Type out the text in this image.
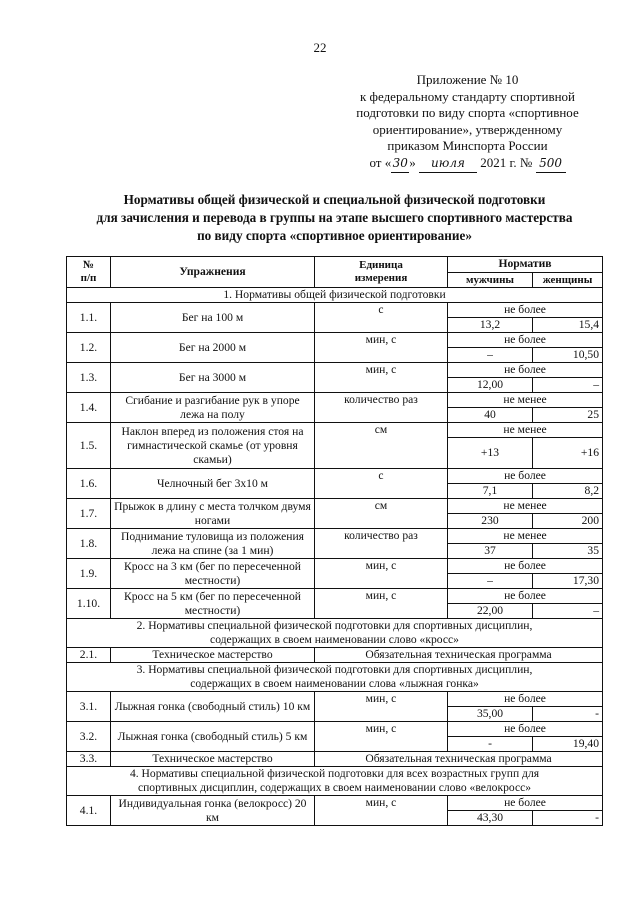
22
Приложение № 10
к федеральному стандарту спортивной
подготовки по виду спорта «спортивное
ориентирование», утвержденному
приказом Минспорта России
от «30» июля 2021 г. № 500
Нормативы общей физической и специальной физической подготовки
для зачисления и перевода в группы на этапе высшего спортивного мастерства
по виду спорта «спортивное ориентирование»
№
п/п	Упражнения	Единица
измерения	Норматив	
			мужчины	женщины
1. Нормативы общей физической подготовки				
1.1.	Бег на 100 м	с	не более	
			13,2	15,4
1.2.	Бег на 2000 м	мин, с	не более	
			–	10,50
1.3.	Бег на 3000 м	мин, с	не более	
			12,00	–
1.4.	Сгибание и разгибание рук в упоре лежа на полу	количество раз	не менее	
			40	25
1.5.	Наклон вперед из положения стоя на гимнастической скамье (от уровня скамьи)	см	не менее	
			+13	+16
1.6.	Челночный бег 3x10 м	с	не более	
			7,1	8,2
1.7.	Прыжок в длину с места толчком двумя ногами	см	не менее	
			230	200
1.8.	Поднимание туловища из положения лежа на спине (за 1 мин)	количество раз	не менее	
			37	35
1.9.	Кросс на 3 км (бег по пересеченной местности)	мин, с	не более	
			–	17,30
1.10.	Кросс на 5 км (бег по пересеченной местности)	мин, с	не более	
			22,00	–
2. Нормативы специальной физической подготовки для спортивных дисциплин, содержащих в своем наименовании слово «кросс»				
2.1.	Техническое мастерство	Обязательная техническая программа		
3. Нормативы специальной физической подготовки для спортивных дисциплин, содержащих в своем наименовании слова «лыжная гонка»				
3.1.	Лыжная гонка (свободный стиль) 10 км	мин, с	не более	
			35,00	-
3.2.	Лыжная гонка (свободный стиль) 5 км	мин, с	не более	
			-	19,40
3.3.	Техническое мастерство	Обязательная техническая программа		
4. Нормативы специальной физической подготовки для всех возрастных групп для спортивных дисциплин, содержащих в своем наименовании слово «велокросс»				
4.1.	Индивидуальная гонка (велокросс) 20 км	мин, с	не более	
			43,30	-
